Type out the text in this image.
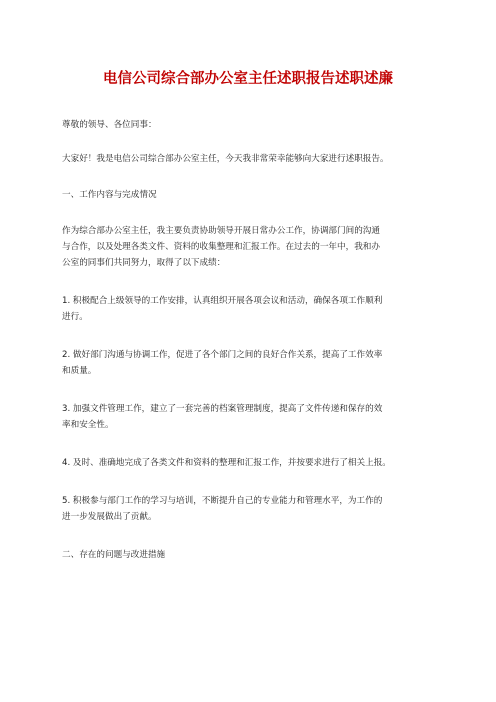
电信公司综合部办公室主任述职报告述职述廉

尊敬的领导、各位同事：

大家好！我是电信公司综合部办公室主任，今天我非常荣幸能够向大家进行述职报告。

一、工作内容与完成情况

作为综合部办公室主任，我主要负责协助领导开展日常办公工作，协调部门间的沟通
与合作，以及处理各类文件、资料的收集整理和汇报工作。在过去的一年中，我和办
公室的同事们共同努力，取得了以下成绩：

1. 积极配合上级领导的工作安排，认真组织开展各项会议和活动，确保各项工作顺利
进行。

2. 做好部门沟通与协调工作，促进了各个部门之间的良好合作关系，提高了工作效率
和质量。

3. 加强文件管理工作，建立了一套完善的档案管理制度，提高了文件传递和保存的效
率和安全性。

4. 及时、准确地完成了各类文件和资料的整理和汇报工作，并按要求进行了相关上报。

5. 积极参与部门工作的学习与培训，不断提升自己的专业能力和管理水平，为工作的
进一步发展做出了贡献。

二、存在的问题与改进措施
